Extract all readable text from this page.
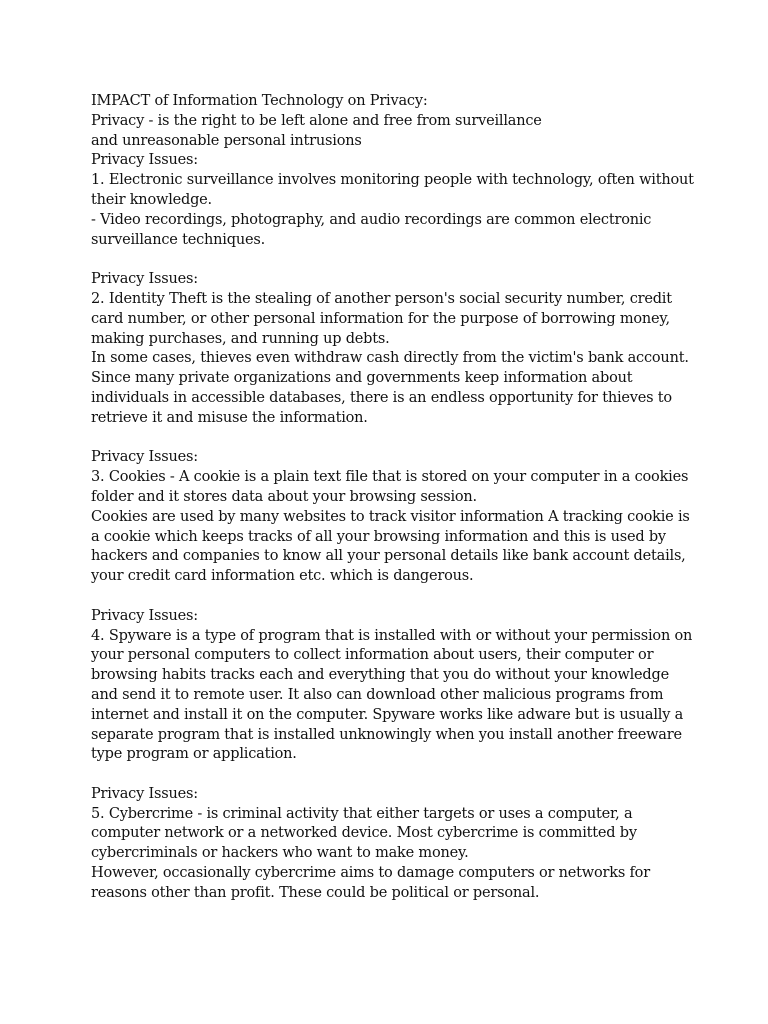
IMPACT of Information Technology on Privacy:
Privacy - is the right to be left alone and free from surveillance
and unreasonable personal intrusions
Privacy Issues:
1. Electronic surveillance involves monitoring people with technology, often without
their knowledge.
- Video recordings, photography, and audio recordings are common electronic
surveillance techniques.
Privacy Issues:
2. Identity Theft is the stealing of another person's social security number, credit
card number, or other personal information for the purpose of borrowing money,
making purchases, and running up debts.
In some cases, thieves even withdraw cash directly from the victim's bank account.
Since many private organizations and governments keep information about
individuals in accessible databases, there is an endless opportunity for thieves to
retrieve it and misuse the information.
Privacy Issues:
3. Cookies - A cookie is a plain text file that is stored on your computer in a cookies
folder and it stores data about your browsing session.
Cookies are used by many websites to track visitor information A tracking cookie is
a cookie which keeps tracks of all your browsing information and this is used by
hackers and companies to know all your personal details like bank account details,
your credit card information etc. which is dangerous.
Privacy Issues:
4. Spyware is a type of program that is installed with or without your permission on
your personal computers to collect information about users, their computer or
browsing habits tracks each and everything that you do without your knowledge
and send it to remote user. It also can download other malicious programs from
internet and install it on the computer. Spyware works like adware but is usually a
separate program that is installed unknowingly when you install another freeware
type program or application.
Privacy Issues:
5. Cybercrime - is criminal activity that either targets or uses a computer, a
computer network or a networked device. Most cybercrime is committed by
cybercriminals or hackers who want to make money.
However, occasionally cybercrime aims to damage computers or networks for
reasons other than profit. These could be political or personal.
